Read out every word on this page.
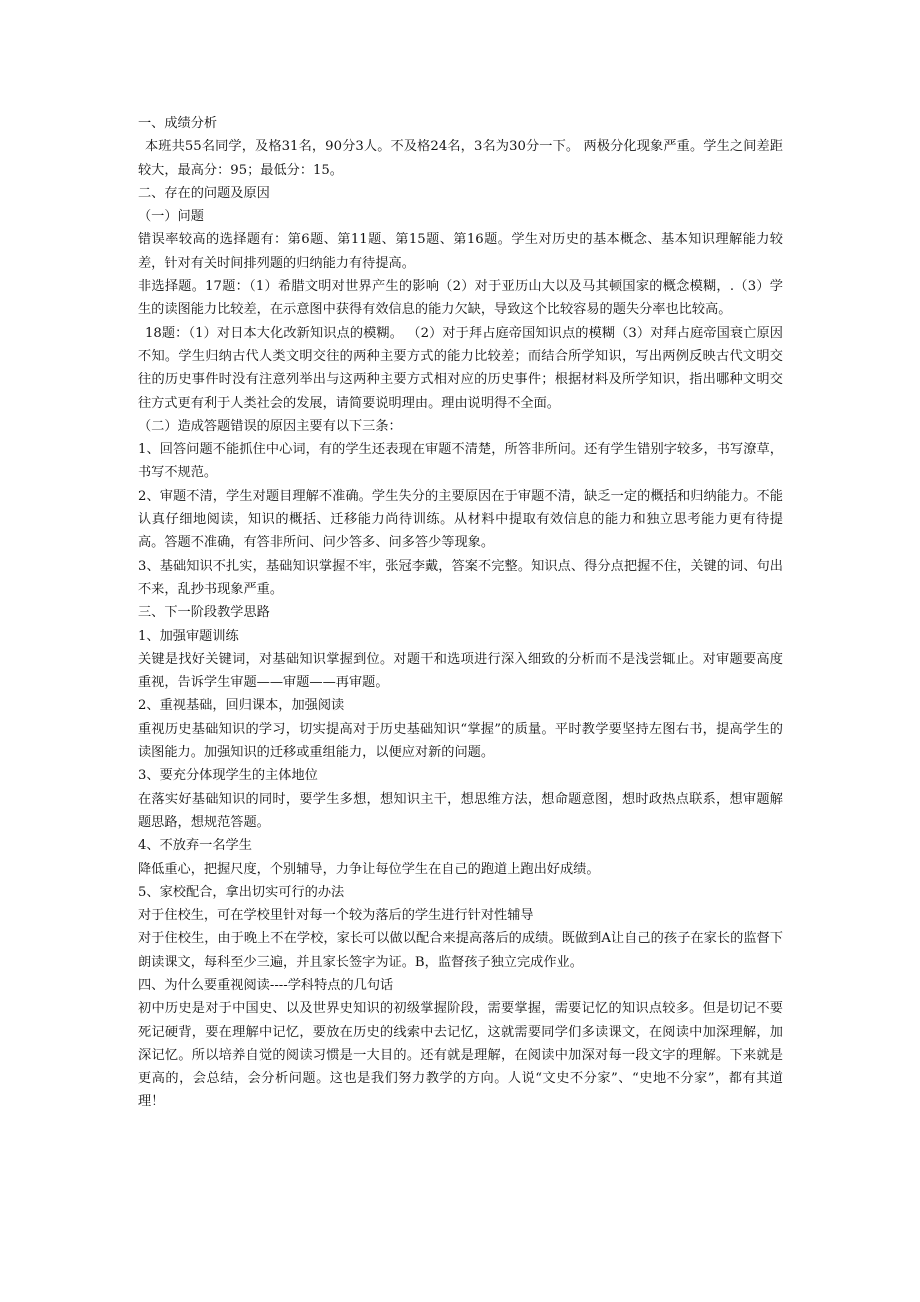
一、成绩分析

本班共55名同学，及格31名，90分3人。不及格24名，3名为30分一下。 两极分化现象严重。学生之间差距较大，最高分：95；最低分：15。

二、存在的问题及原因

（一）问题

错误率较高的选择题有：第6题、第11题、第15题、第16题。学生对历史的基本概念、基本知识理解能力较差，针对有关时间排列题的归纳能力有待提高。

非选择题。17题：（1）希腊文明对世界产生的影响（2）对于亚历山大以及马其顿国家的概念模糊，.（3）学生的读图能力比较差，在示意图中获得有效信息的能力欠缺，导致这个比较容易的题失分率也比较高。

18题：（1）对日本大化改新知识点的模糊。 （2）对于拜占庭帝国知识点的模糊（3）对拜占庭帝国衰亡原因不知。学生归纳古代人类文明交往的两种主要方式的能力比较差；而结合所学知识，写出两例反映古代文明交往的历史事件时没有注意列举出与这两种主要方式相对应的历史事件；根据材料及所学知识，指出哪种文明交往方式更有利于人类社会的发展，请简要说明理由。理由说明得不全面。

（二）造成答题错误的原因主要有以下三条：

1、回答问题不能抓住中心词，有的学生还表现在审题不清楚，所答非所问。还有学生错别字较多，书写潦草，书写不规范。

2、审题不清，学生对题目理解不准确。学生失分的主要原因在于审题不清，缺乏一定的概括和归纳能力。不能认真仔细地阅读，知识的概括、迁移能力尚待训练。从材料中提取有效信息的能力和独立思考能力更有待提高。答题不准确，有答非所问、问少答多、问多答少等现象。

3、基础知识不扎实，基础知识掌握不牢，张冠李戴，答案不完整。知识点、得分点把握不住，关键的词、句出不来，乱抄书现象严重。

三、下一阶段教学思路

1、加强审题训练

关键是找好关键词，对基础知识掌握到位。对题干和选项进行深入细致的分析而不是浅尝辄止。对审题要高度重视，告诉学生审题——审题——再审题。

2、重视基础，回归课本，加强阅读

重视历史基础知识的学习，切实提高对于历史基础知识“掌握”的质量。平时教学要坚持左图右书，提高学生的读图能力。加强知识的迁移或重组能力，以便应对新的问题。

3、要充分体现学生的主体地位

在落实好基础知识的同时，要学生多想，想知识主干，想思维方法，想命题意图，想时政热点联系，想审题解题思路，想规范答题。

4、不放弃一名学生

降低重心，把握尺度，个别辅导，力争让每位学生在自己的跑道上跑出好成绩。

5、家校配合，拿出切实可行的办法

对于住校生，可在学校里针对每一个较为落后的学生进行针对性辅导

对于住校生，由于晚上不在学校，家长可以做以配合来提高落后的成绩。既做到A让自己的孩子在家长的监督下朗读课文，每科至少三遍，并且家长签字为证。B，监督孩子独立完成作业。

四、为什么要重视阅读----学科特点的几句话

初中历史是对于中国史、以及世界史知识的初级掌握阶段，需要掌握，需要记忆的知识点较多。但是切记不要死记硬背，要在理解中记忆，要放在历史的线索中去记忆，这就需要同学们多读课文，在阅读中加深理解，加深记忆。所以培养自觉的阅读习惯是一大目的。还有就是理解，在阅读中加深对每一段文字的理解。下来就是更高的，会总结，会分析问题。这也是我们努力教学的方向。人说“文史不分家”、“史地不分家”，都有其道理！
